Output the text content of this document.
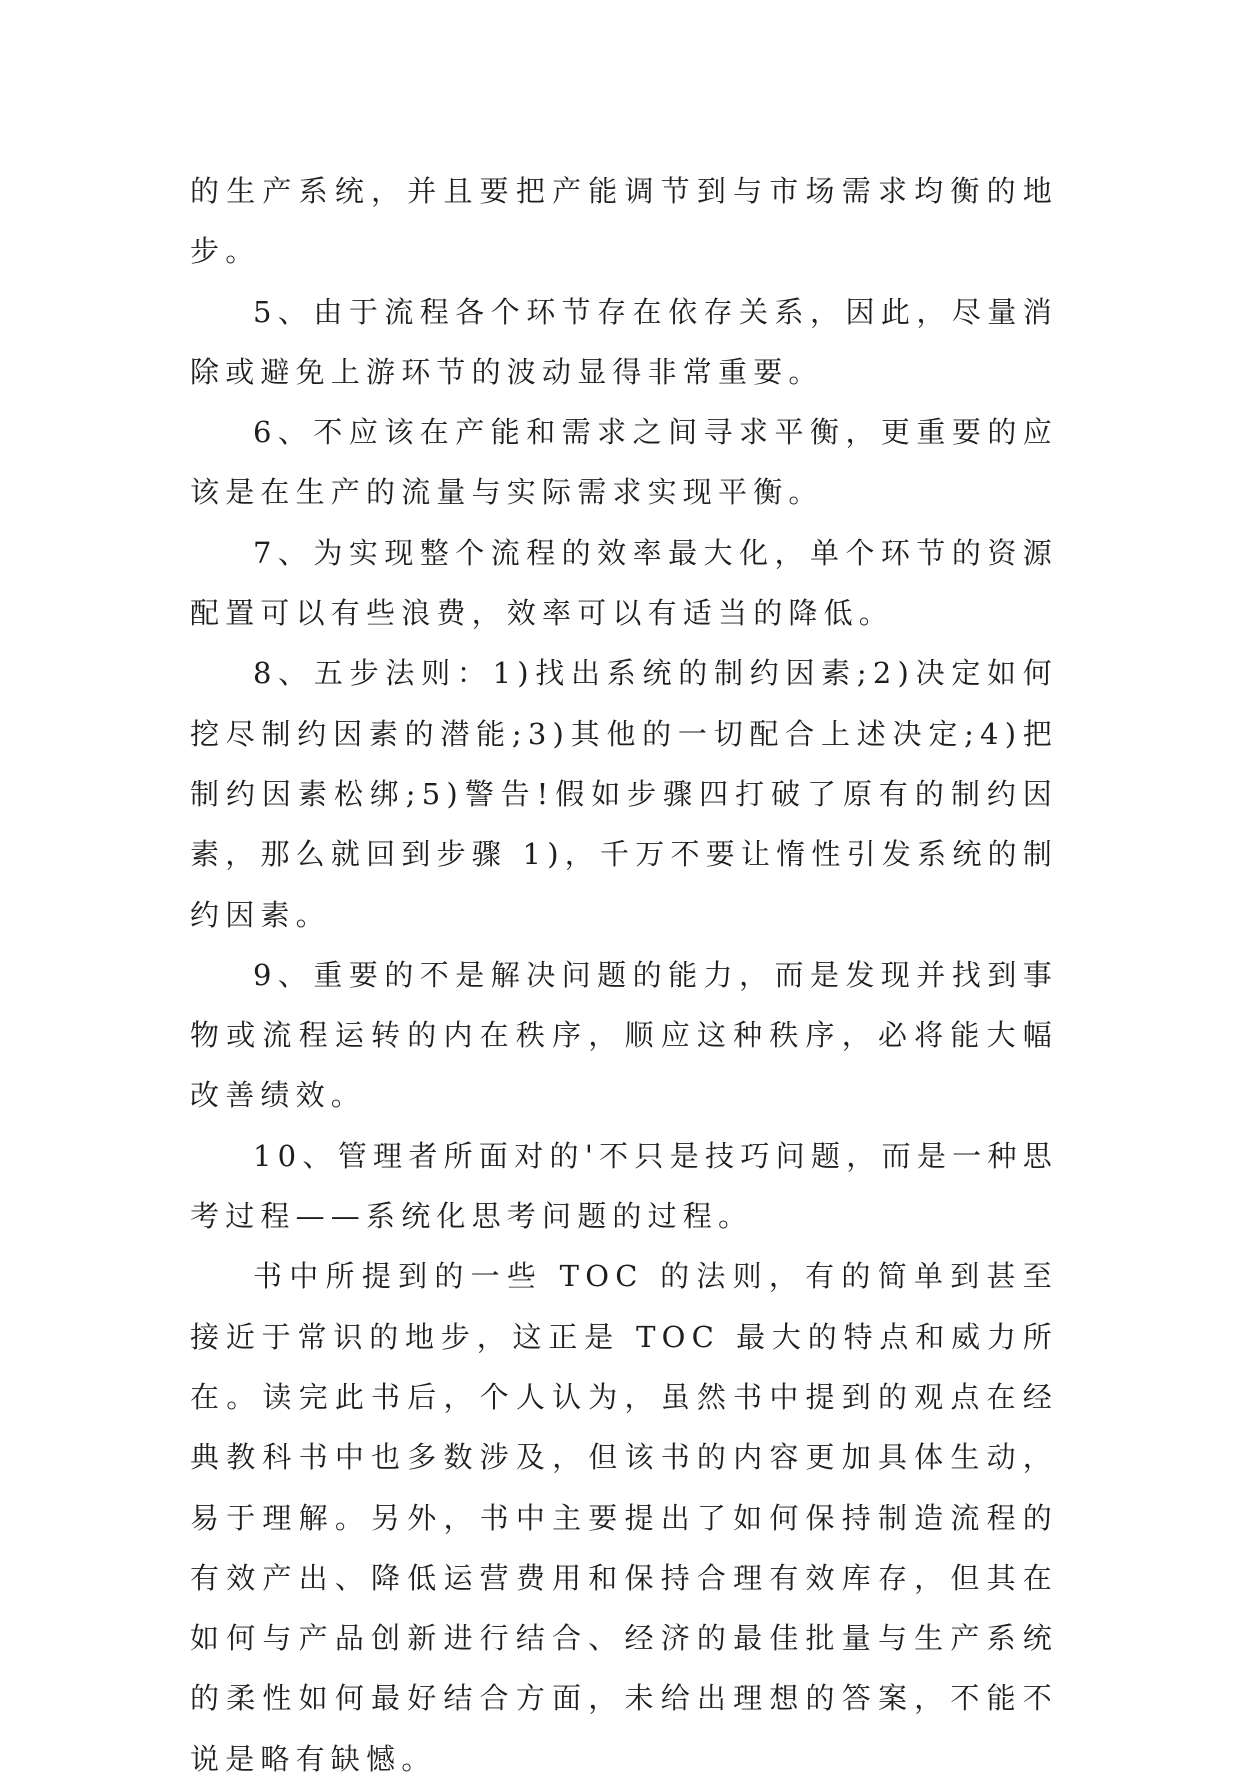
的生产系统，并且要把产能调节到与市场需求均衡的地步。

5、由于流程各个环节存在依存关系，因此，尽量消除或避免上游环节的波动显得非常重要。

6、不应该在产能和需求之间寻求平衡，更重要的应该是在生产的流量与实际需求实现平衡。

7、为实现整个流程的效率最大化，单个环节的资源配置可以有些浪费，效率可以有适当的降低。

8、五步法则：1)找出系统的制约因素;2)决定如何挖尽制约因素的潜能;3)其他的一切配合上述决定;4)把制约因素松绑;5)警告!假如步骤四打破了原有的制约因素，那么就回到步骤 1)，千万不要让惰性引发系统的制约因素。

9、重要的不是解决问题的能力，而是发现并找到事物或流程运转的内在秩序，顺应这种秩序，必将能大幅改善绩效。

10、管理者所面对的'不只是技巧问题，而是一种思考过程——系统化思考问题的过程。

书中所提到的一些 TOC 的法则，有的简单到甚至接近于常识的地步，这正是 TOC 最大的特点和威力所在。读完此书后，个人认为，虽然书中提到的观点在经典教科书中也多数涉及，但该书的内容更加具体生动，易于理解。另外，书中主要提出了如何保持制造流程的有效产出、降低运营费用和保持合理有效库存，但其在如何与产品创新进行结合、经济的最佳批量与生产系统的柔性如何最好结合方面，未给出理想的答案，不能不说是略有缺憾。
